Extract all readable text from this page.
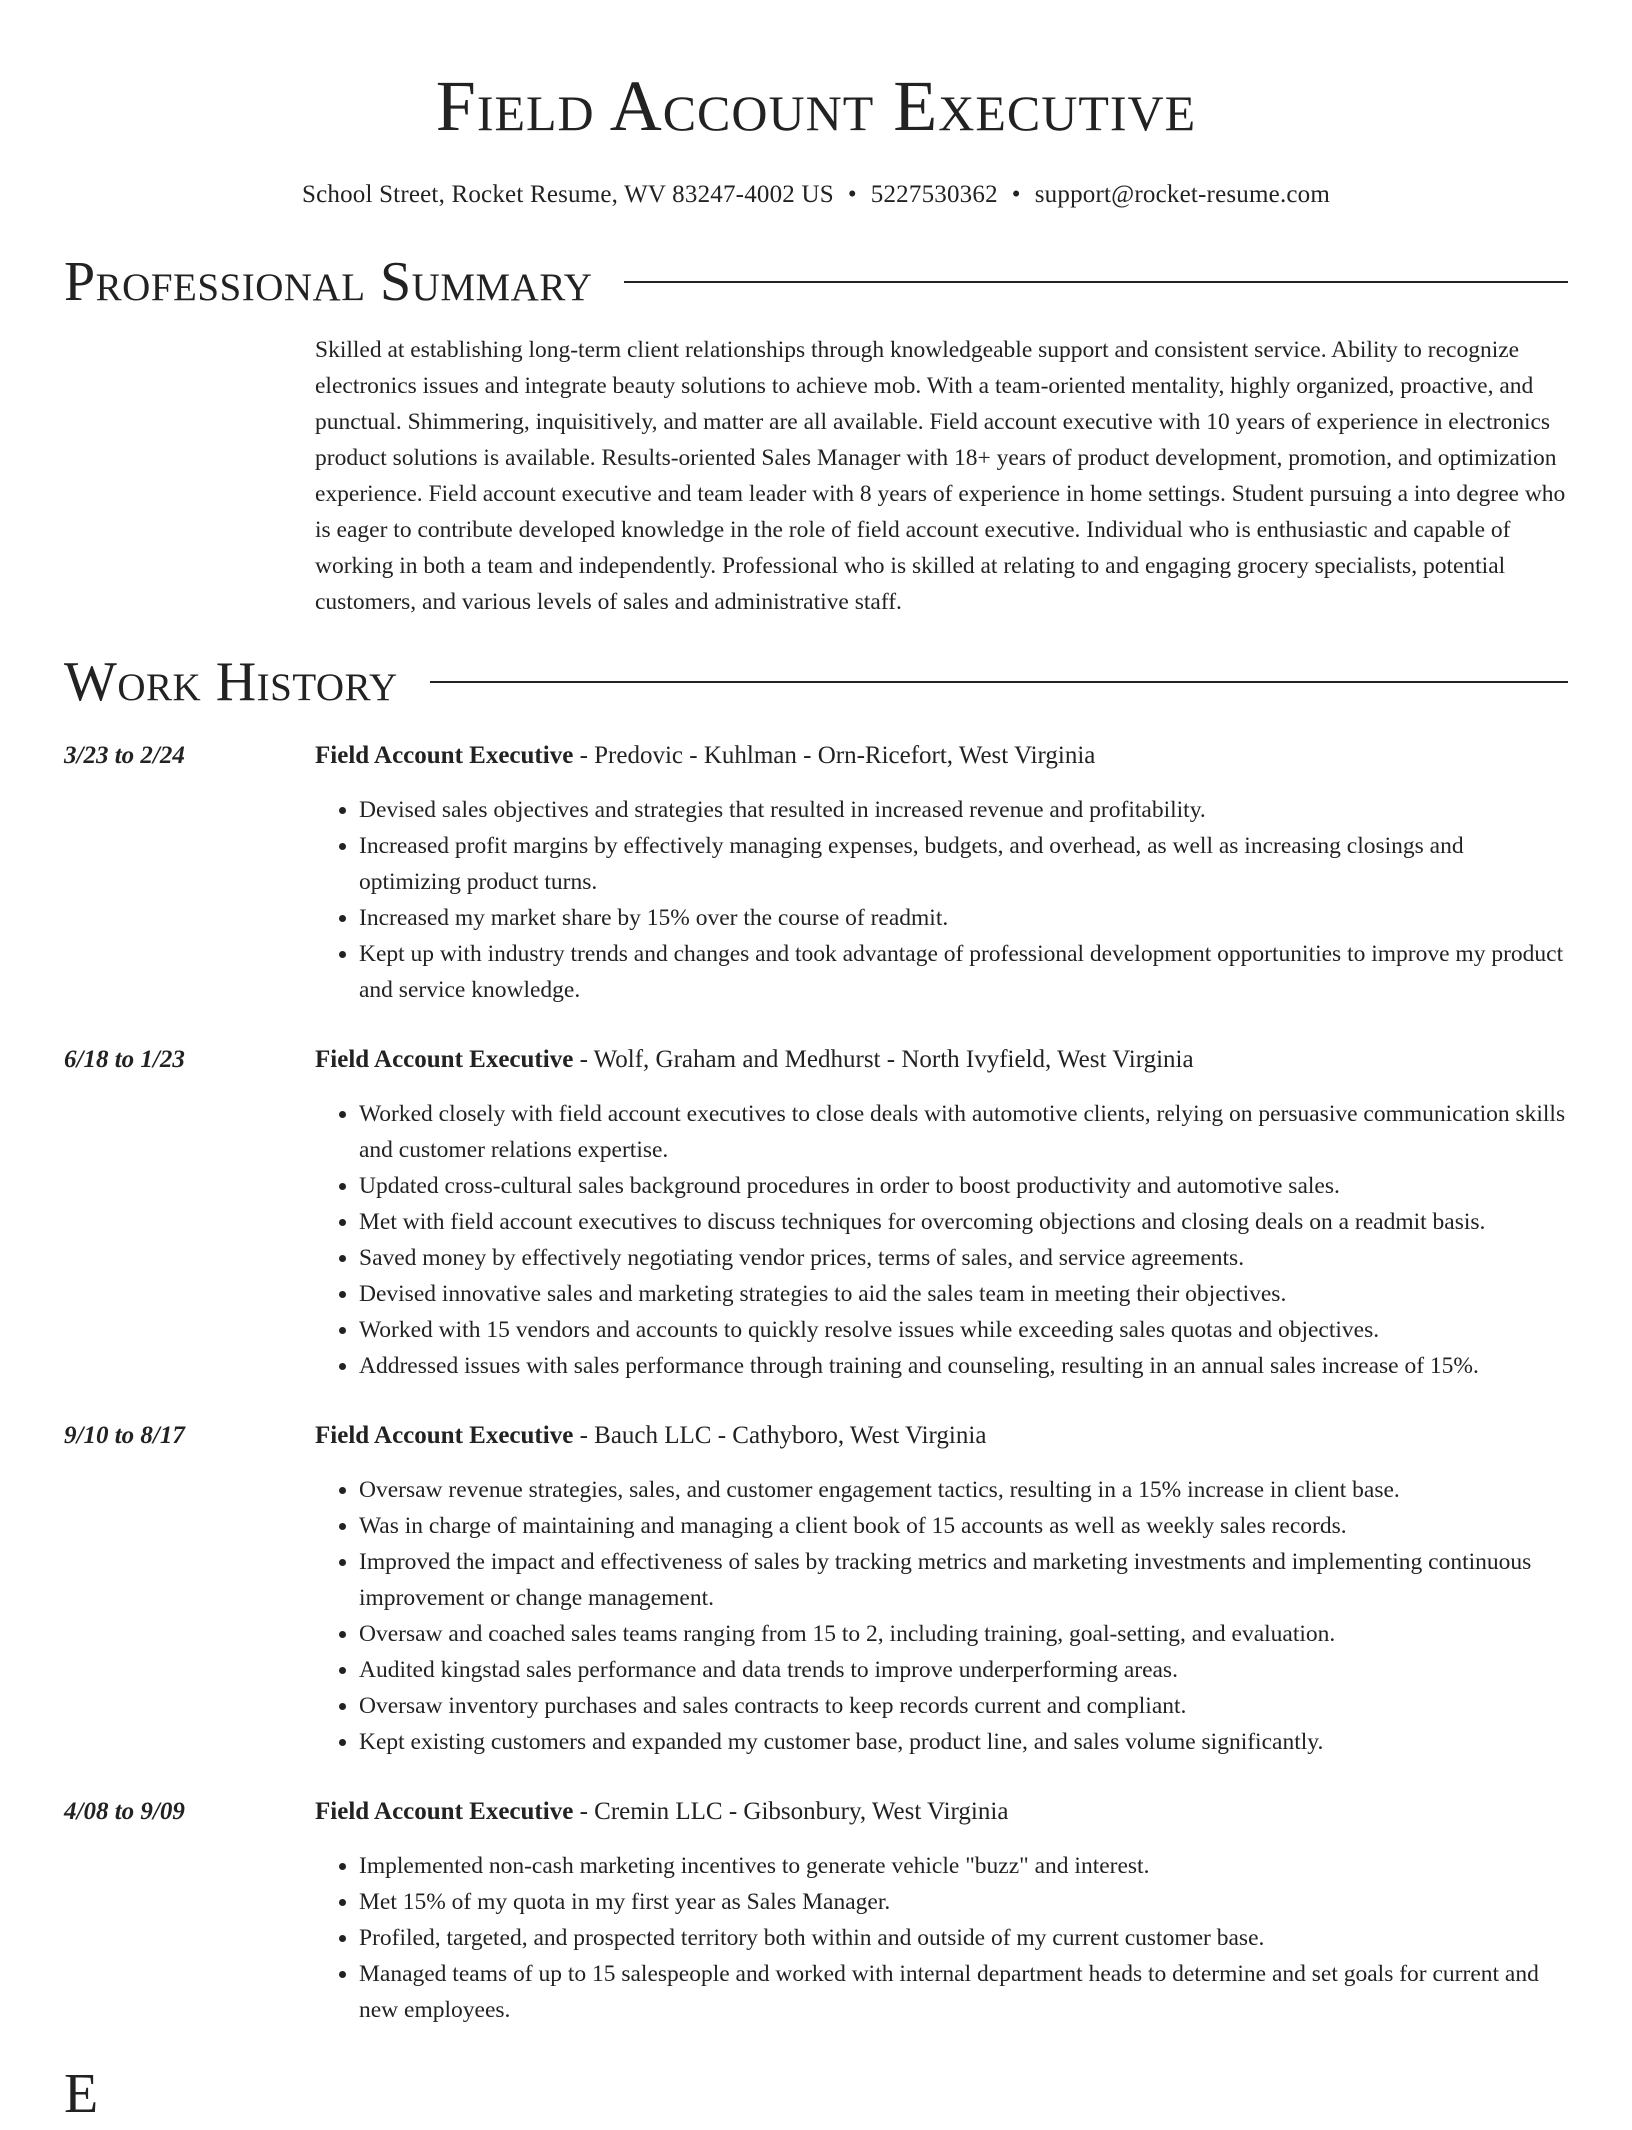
Field Account Executive
School Street, Rocket Resume, WV 83247-4002 US • 5227530362 • support@rocket-resume.com
Professional Summary
Skilled at establishing long-term client relationships through knowledgeable support and consistent service. Ability to recognize electronics issues and integrate beauty solutions to achieve mob. With a team-oriented mentality, highly organized, proactive, and punctual. Shimmering, inquisitively, and matter are all available. Field account executive with 10 years of experience in electronics product solutions is available. Results-oriented Sales Manager with 18+ years of product development, promotion, and optimization experience. Field account executive and team leader with 8 years of experience in home settings. Student pursuing a into degree who is eager to contribute developed knowledge in the role of field account executive. Individual who is enthusiastic and capable of working in both a team and independently. Professional who is skilled at relating to and engaging grocery specialists, potential customers, and various levels of sales and administrative staff.
Work History
3/23 to 2/24	Field Account Executive - Predovic - Kuhlman - Orn-Ricefort, West Virginia
• Devised sales objectives and strategies that resulted in increased revenue and profitability.
• Increased profit margins by effectively managing expenses, budgets, and overhead, as well as increasing closings and optimizing product turns.
• Increased my market share by 15% over the course of readmit.
• Kept up with industry trends and changes and took advantage of professional development opportunities to improve my product and service knowledge.
6/18 to 1/23	Field Account Executive - Wolf, Graham and Medhurst - North Ivyfield, West Virginia
• Worked closely with field account executives to close deals with automotive clients, relying on persuasive communication skills and customer relations expertise.
• Updated cross-cultural sales background procedures in order to boost productivity and automotive sales.
• Met with field account executives to discuss techniques for overcoming objections and closing deals on a readmit basis.
• Saved money by effectively negotiating vendor prices, terms of sales, and service agreements.
• Devised innovative sales and marketing strategies to aid the sales team in meeting their objectives.
• Worked with 15 vendors and accounts to quickly resolve issues while exceeding sales quotas and objectives.
• Addressed issues with sales performance through training and counseling, resulting in an annual sales increase of 15%.
9/10 to 8/17	Field Account Executive - Bauch LLC - Cathyboro, West Virginia
• Oversaw revenue strategies, sales, and customer engagement tactics, resulting in a 15% increase in client base.
• Was in charge of maintaining and managing a client book of 15 accounts as well as weekly sales records.
• Improved the impact and effectiveness of sales by tracking metrics and marketing investments and implementing continuous improvement or change management.
• Oversaw and coached sales teams ranging from 15 to 2, including training, goal-setting, and evaluation.
• Audited kingstad sales performance and data trends to improve underperforming areas.
• Oversaw inventory purchases and sales contracts to keep records current and compliant.
• Kept existing customers and expanded my customer base, product line, and sales volume significantly.
4/08 to 9/09	Field Account Executive - Cremin LLC - Gibsonbury, West Virginia
• Implemented non-cash marketing incentives to generate vehicle "buzz" and interest.
• Met 15% of my quota in my first year as Sales Manager.
• Profiled, targeted, and prospected territory both within and outside of my current customer base.
• Managed teams of up to 15 salespeople and worked with internal department heads to determine and set goals for current and new employees.
E
